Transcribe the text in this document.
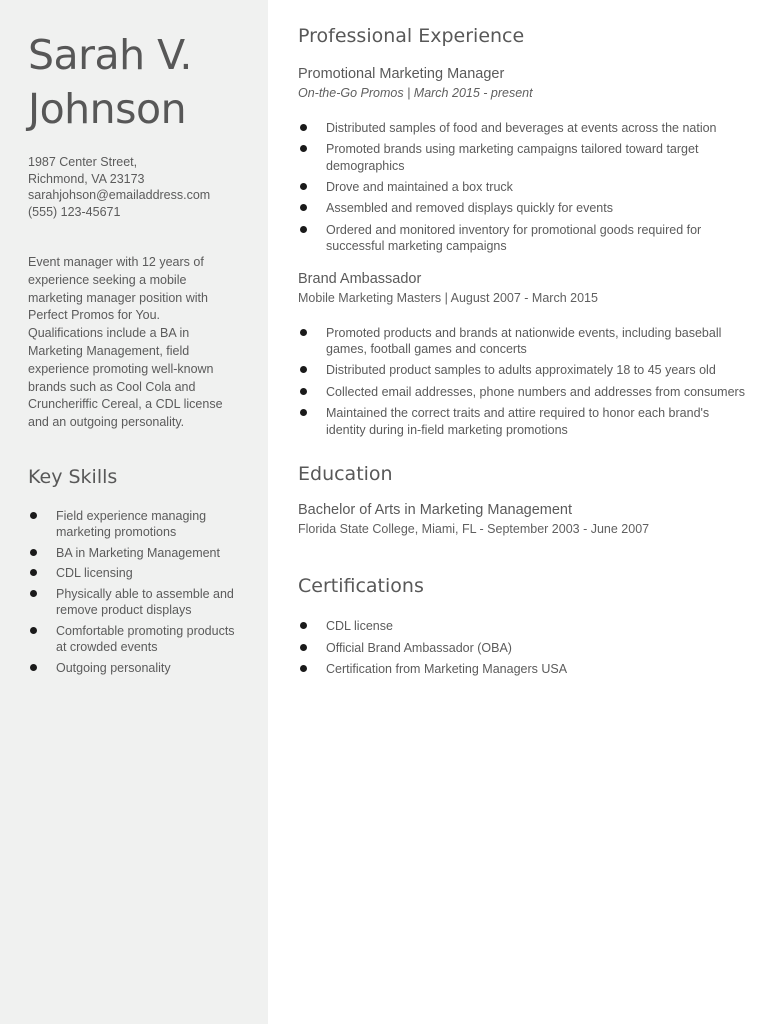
Sarah V.
Johnson
1987 Center Street,
Richmond, VA 23173
sarahjohson@emailaddress.com
(555) 123-45671

Event manager with 12 years of experience seeking a mobile marketing manager position with Perfect Promos for You. Qualifications include a BA in Marketing Management, field experience promoting well-known brands such as Cool Cola and Cruncheriffic Cereal, a CDL license and an outgoing personality.

Key Skills
Field experience managing marketing promotions
BA in Marketing Management
CDL licensing
Physically able to assemble and remove product displays
Comfortable promoting products at crowded events
Outgoing personality
Professional Experience
Promotional Marketing Manager
On-the-Go Promos | March 2015 - present
Distributed samples of food and beverages at events across the nation
Promoted brands using marketing campaigns tailored toward target demographics
Drove and maintained a box truck
Assembled and removed displays quickly for events
Ordered and monitored inventory for promotional goods required for successful marketing campaigns
Brand Ambassador
Mobile Marketing Masters | August 2007 - March 2015
Promoted products and brands at nationwide events, including baseball games, football games and concerts
Distributed product samples to adults approximately 18 to 45 years old
Collected email addresses, phone numbers and addresses from consumers
Maintained the correct traits and attire required to honor each brand's identity during in-field marketing promotions
Education
Bachelor of Arts in Marketing Management
Florida State College, Miami, FL - September 2003 - June 2007
Certifications
CDL license
Official Brand Ambassador (OBA)
Certification from Marketing Managers USA
